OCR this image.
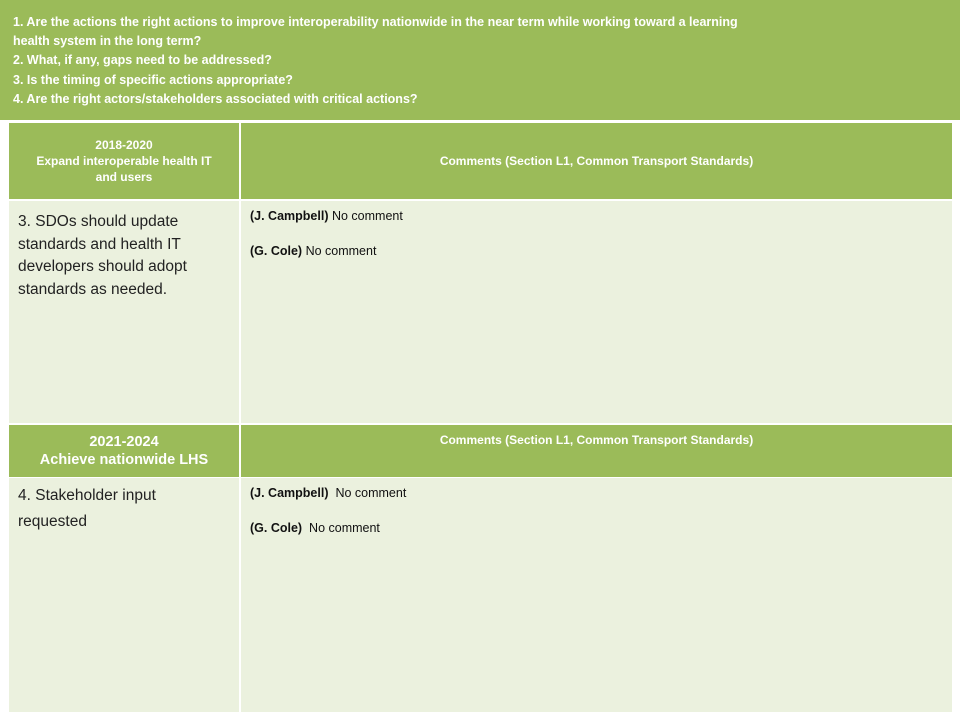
1. Are the actions the right actions to improve interoperability nationwide in the near term while working toward a learning
health system in the long term?
2. What, if any, gaps need to be addressed?
3. Is the timing of specific actions appropriate?
4. Are the right actors/stakeholders associated with critical actions?
2018-2020
Expand interoperable health IT
and users
Comments (Section L1, Common Transport Standards)
3. SDOs should update standards and health IT developers should adopt standards as needed.
(J. Campbell) No comment
(G. Cole) No comment
2021-2024
Achieve nationwide LHS
Comments (Section L1, Common Transport Standards)
4. Stakeholder input requested
(J. Campbell)  No comment
(G. Cole)  No comment
